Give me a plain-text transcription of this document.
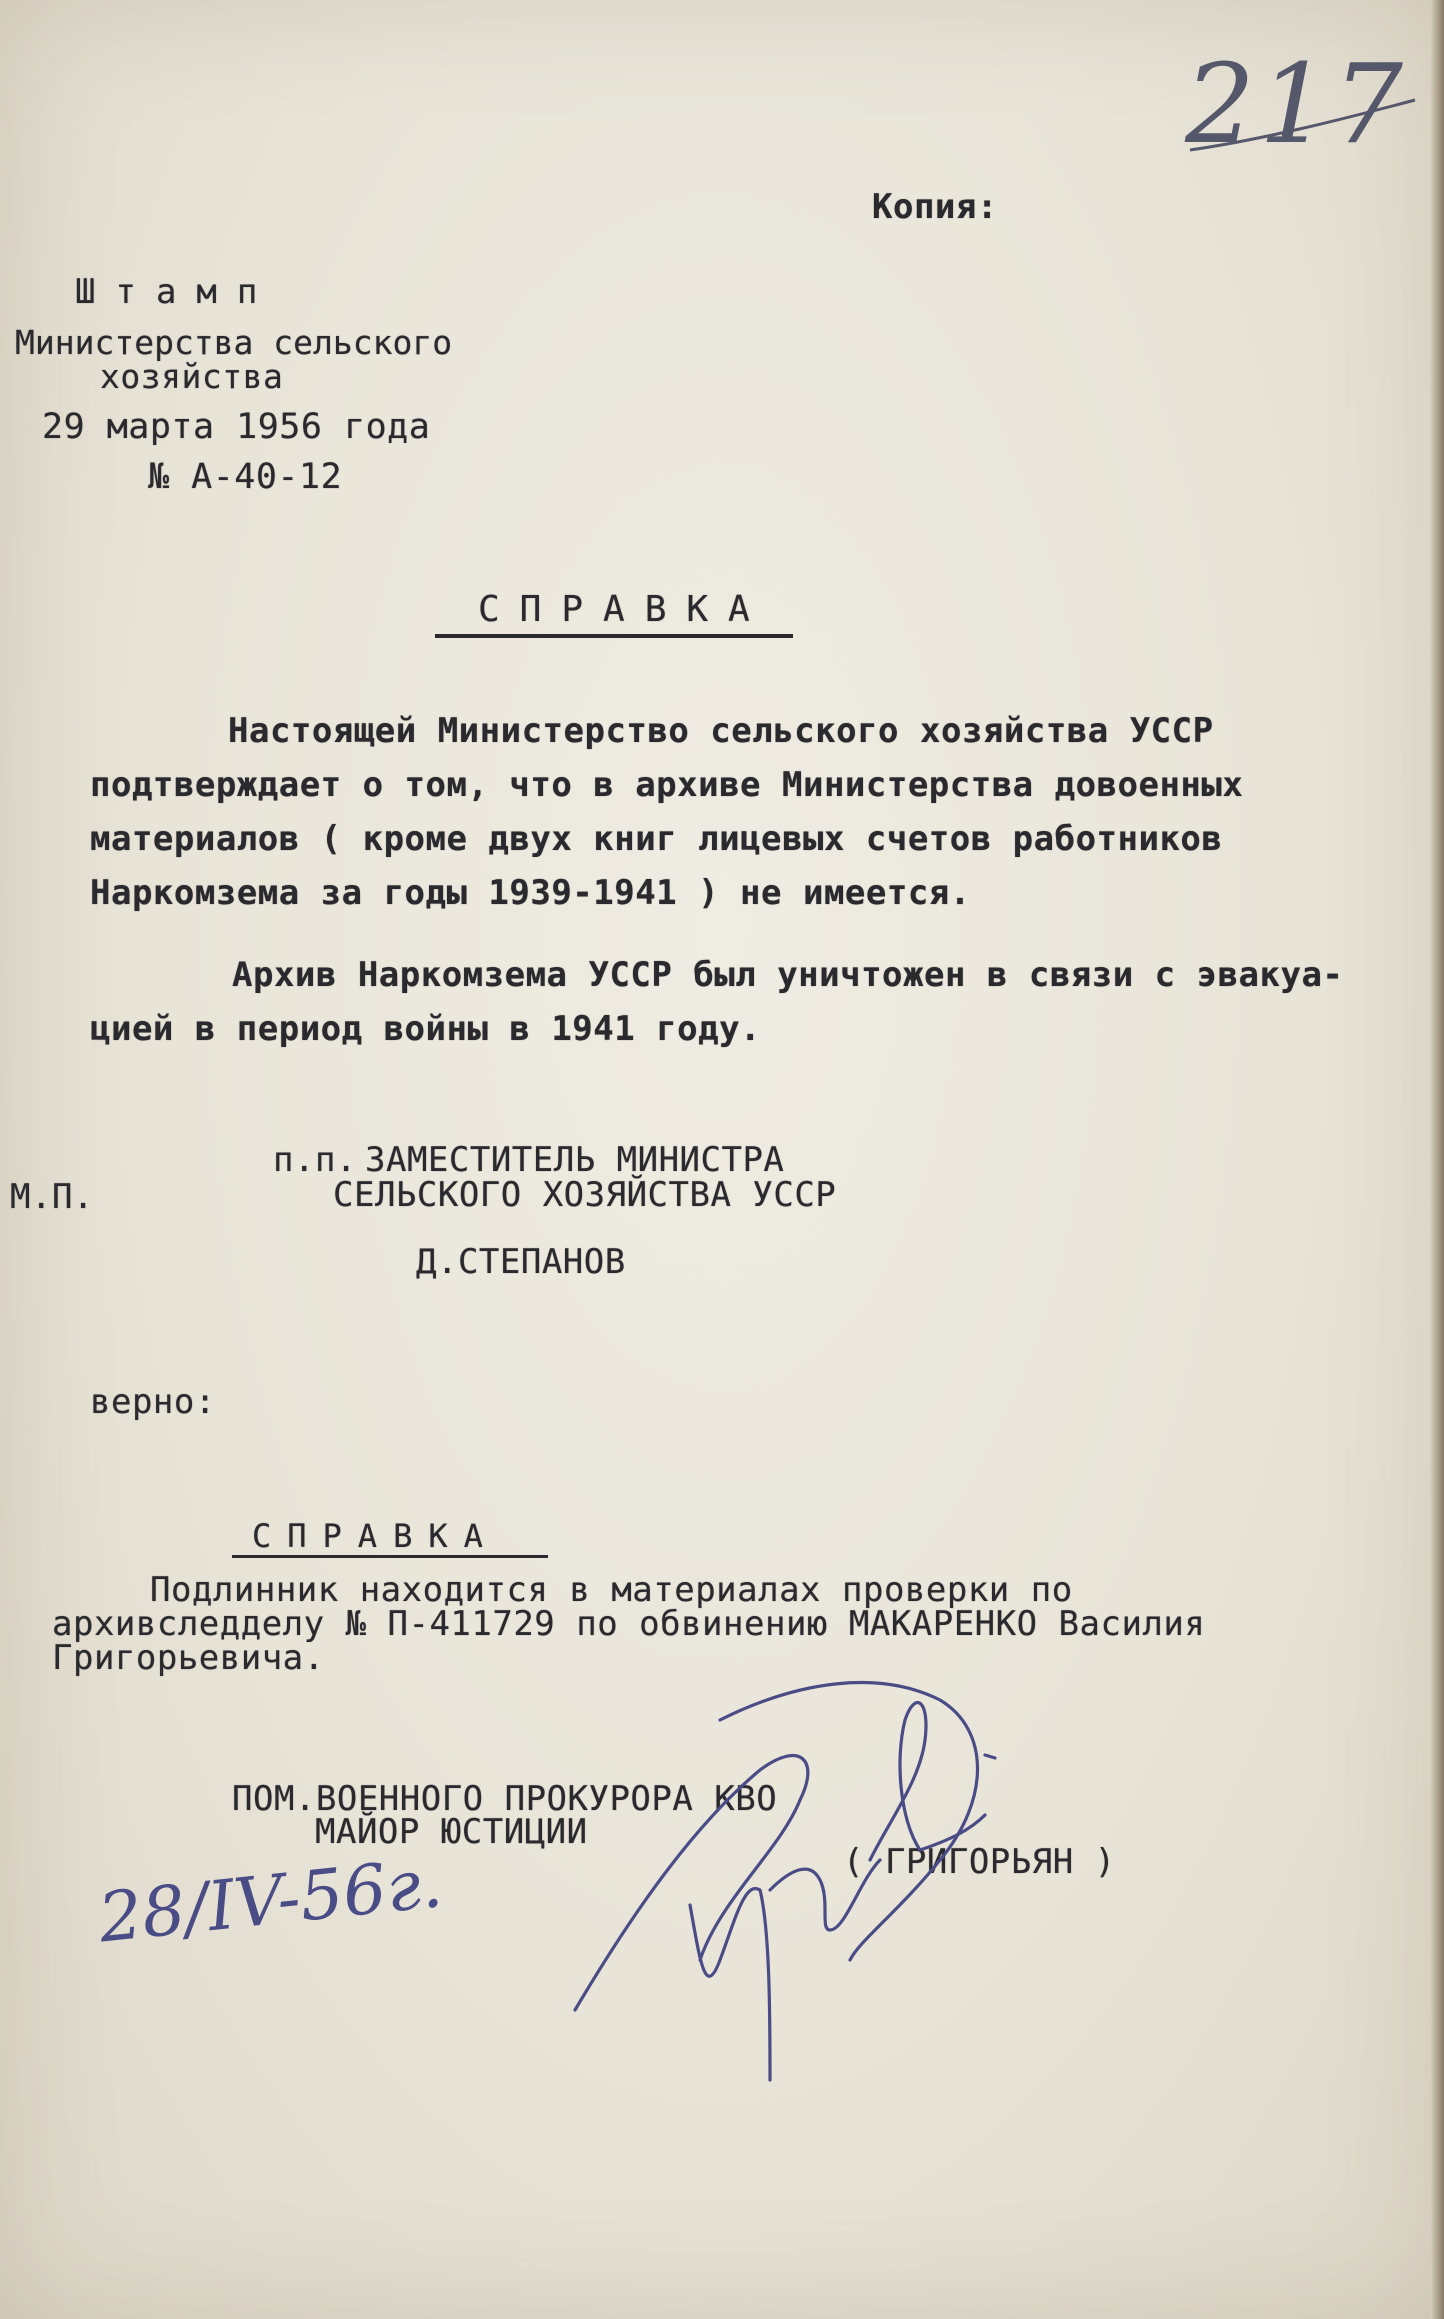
217
Копия:
Штамп
Министерства сельского
хозяйства
29 марта 1956 года
№ А-40-12
СПРАВКА
Настоящей Министерство сельского хозяйства УССР
подтверждает о том, что в архиве Министерства довоенных
материалов ( кроме двух книг лицевых счетов работников
Наркомзема за годы 1939-1941 ) не имеется.
Архив Наркомзема УССР был уничтожен в связи с эвакуа-
цией в период войны в 1941 году.
п.п. ЗАМЕСТИТЕЛЬ МИНИСТРА
СЕЛЬСКОГО ХОЗЯЙСТВА УССР
М.П.
Д.СТЕПАНОВ
верно:
СПРАВКА
Подлинник находится в материалах проверки по
архивследделу № П-411729 по обвинению МАКАРЕНКО Василия
Григорьевича.
ПОМ.ВОЕННОГО ПРОКУРОРА КВО
МАЙОР ЮСТИЦИИ
( ГРИГОРЬЯН )
28/IV-56г.
